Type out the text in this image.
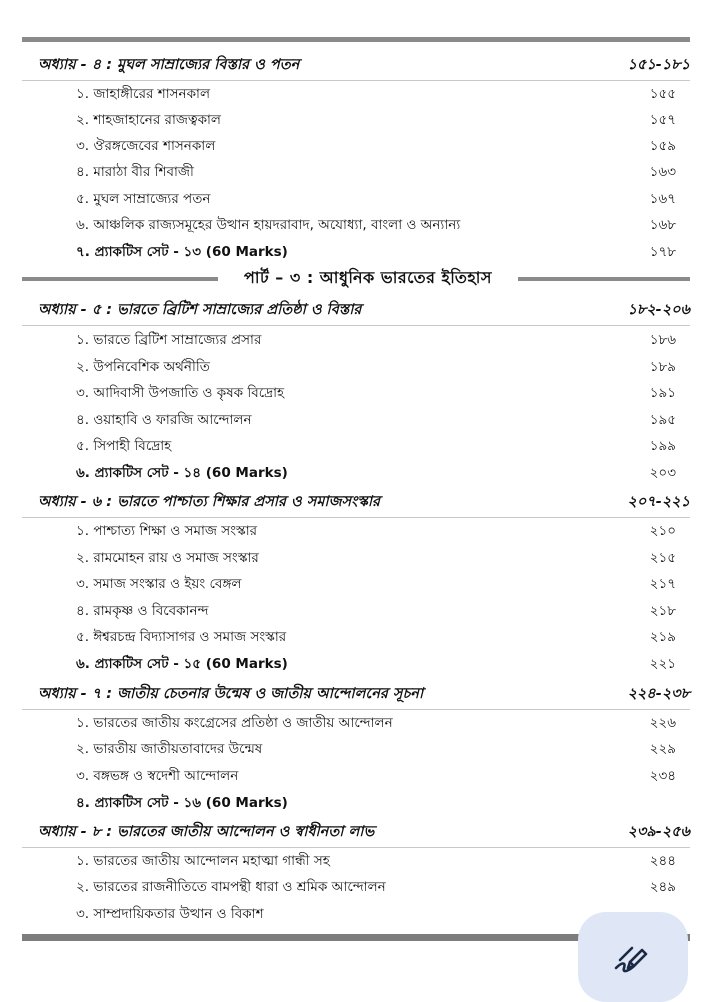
অধ্যায় - ৪ : মুঘল সাম্রাজ্যের বিস্তার ও পতন	১৫১-১৮১
১. জাহাঙ্গীরের শাসনকাল	১৫৫
২. শাহজাহানের রাজত্বকাল	১৫৭
৩. ঔরঙ্গজেবের শাসনকাল	১৫৯
৪. মারাঠা বীর শিবাজী	১৬৩
৫. মুঘল সাম্রাজ্যের পতন	১৬৭
৬. আঞ্চলিক রাজ্যসমূহের উত্থান হায়দরাবাদ, অযোধ্যা, বাংলা ও অন্যান্য	১৬৮
৭. প্র্যাকটিস সেট - ১৩ (60 Marks)	১৭৮
পার্ট – ৩ : আধুনিক ভারতের ইতিহাস
অধ্যায় - ৫ : ভারতে ব্রিটিশ সাম্রাজ্যের প্রতিষ্ঠা ও বিস্তার	১৮২-২০৬
১. ভারতে ব্রিটিশ সাম্রাজ্যের প্রসার	১৮৬
২. উপনিবেশিক অর্থনীতি	১৮৯
৩. আদিবাসী উপজাতি ও কৃষক বিদ্রোহ	১৯১
৪. ওয়াহাবি ও ফারজি আন্দোলন	১৯৫
৫. সিপাহী বিদ্রোহ	১৯৯
৬. প্র্যাকটিস সেট - ১৪ (60 Marks)	২০৩
অধ্যায় - ৬ : ভারতে পাশ্চাত্য শিক্ষার প্রসার ও সমাজসংস্কার	২০৭-২২১
১. পাশ্চাত্য শিক্ষা ও সমাজ সংস্কার	২১০
২. রামমোহন রায় ও সমাজ সংস্কার	২১৫
৩. সমাজ সংস্কার ও ইয়ং বেঙ্গল	২১৭
৪. রামকৃষ্ণ ও বিবেকানন্দ	২১৮
৫. ঈশ্বরচন্দ্র বিদ্যাসাগর ও সমাজ সংস্কার	২১৯
৬. প্র্যাকটিস সেট - ১৫ (60 Marks)	২২১
অধ্যায় - ৭ : জাতীয় চেতনার উন্মেষ ও জাতীয় আন্দোলনের সূচনা	২২৪-২৩৮
১. ভারতের জাতীয় কংগ্রেসের প্রতিষ্ঠা ও জাতীয় আন্দোলন	২২৬
২. ভারতীয় জাতীয়তাবাদের উন্মেষ	২২৯
৩. বঙ্গভঙ্গ ও স্বদেশী আন্দোলন	২৩৪
৪. প্র্যাকটিস সেট - ১৬ (60 Marks)
অধ্যায় - ৮ : ভারতের জাতীয় আন্দোলন ও স্বাধীনতা লাভ	২৩৯-২৫৬
১. ভারতের জাতীয় আন্দোলন মহাত্মা গান্ধী সহ	২৪৪
২. ভারতের রাজনীতিতে বামপন্থী ধারা ও শ্রমিক আন্দোলন	২৪৯
৩. সাম্প্রদায়িকতার উত্থান ও বিকাশ
